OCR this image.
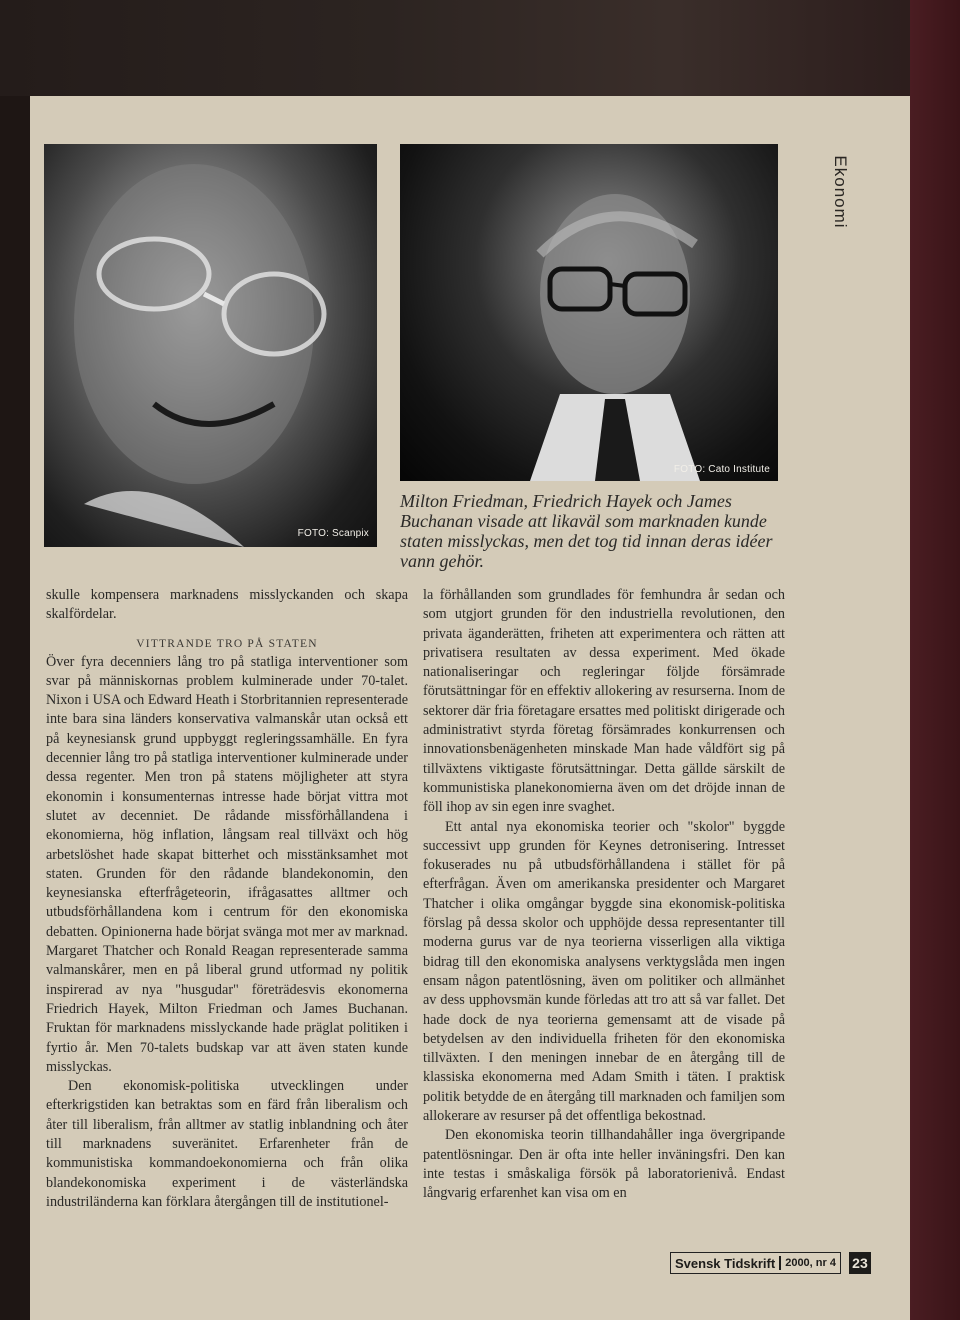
FOTO: Scanpix
FOTO: Cato Institute
Milton Friedman, Friedrich Hayek och James Buchanan visade att likaväl som marknaden kunde staten misslyckas, men det tog tid innan deras idéer vann gehör.
Ekonomi

skulle kompensera marknadens misslyckanden och skapa skalfördelar.

VITTRANDE TRO PÅ STATEN

Över fyra decenniers lång tro på statliga interventioner som svar på människornas problem kulminerade under 70-talet. Nixon i USA och Edward Heath i Storbritannien representerade inte bara sina länders konservativa valmanskår utan också ett på keynesiansk grund uppbyggt regleringssamhälle. En fyra decennier lång tro på statliga interventioner kulminerade under dessa regenter. Men tron på statens möjligheter att styra ekonomin i konsumenternas intresse hade börjat vittra mot slutet av decenniet. De rådande missförhållandena i ekonomierna, hög inflation, långsam real tillväxt och hög arbetslöshet hade skapat bitterhet och misstänksamhet mot staten. Grunden för den rådande blandekonomin, den keynesianska efterfrågeteorin, ifrågasattes alltmer och utbudsförhållandena kom i centrum för den ekonomiska debatten. Opinionerna hade börjat svänga mot mer av marknad. Margaret Thatcher och Ronald Reagan representerade samma valmanskårer, men en på liberal grund utformad ny politik inspirerad av nya "husgudar" företrädesvis ekonomerna Friedrich Hayek, Milton Friedman och James Buchanan. Fruktan för marknadens misslyckande hade präglat politiken i fyrtio år. Men 70-talets budskap var att även staten kunde misslyckas.

Den ekonomisk-politiska utvecklingen under efterkrigstiden kan betraktas som en färd från liberalism och åter till liberalism, från alltmer av statlig inblandning och åter till marknadens suveränitet. Erfarenheter från de kommunistiska kommandoekonomierna och från olika blandekonomiska experiment i de västerländska industriländerna kan förklara återgången till de institutionel-

la förhållanden som grundlades för femhundra år sedan och som utgjort grunden för den industriella revolutionen, den privata äganderätten, friheten att experimentera och rätten att privatisera resultaten av dessa experiment. Med ökade nationaliseringar och regleringar följde försämrade förutsättningar för en effektiv allokering av resurserna. Inom de sektorer där fria företagare ersattes med politiskt dirigerade och administrativt styrda företag försämrades konkurrensen och innovationsbenägenheten minskade Man hade våldfört sig på tillväxtens viktigaste förutsättningar. Detta gällde särskilt de kommunistiska planekonomierna även om det dröjde innan de föll ihop av sin egen inre svaghet.

Ett antal nya ekonomiska teorier och "skolor" byggde successivt upp grunden för Keynes detronisering. Intresset fokuserades nu på utbudsförhållandena i stället för på efterfrågan. Även om amerikanska presidenter och Margaret Thatcher i olika omgångar byggde sina ekonomisk-politiska förslag på dessa skolor och upphöjde dessa representanter till moderna gurus var de nya teorierna visserligen alla viktiga bidrag till den ekonomiska analysens verktygslåda men ingen ensam någon patentlösning, även om politiker och allmänhet av dess upphovsmän kunde förledas att tro att så var fallet. Det hade dock de nya teorierna gemensamt att de visade på betydelsen av den individuella friheten för den ekonomiska tillväxten. I den meningen innebar de en återgång till de klassiska ekonomerna med Adam Smith i täten. I praktisk politik betydde de en återgång till marknaden och familjen som allokerare av resurser på det offentliga bekostnad.

Den ekonomiska teorin tillhandahåller inga övergripande patentlösningar. Den är ofta inte heller inväningsfri. Den kan inte testas i småskaliga försök på laboratorienivå. Endast långvarig erfarenhet kan visa om en

Svensk Tidskrift 2000, nr 4 23
